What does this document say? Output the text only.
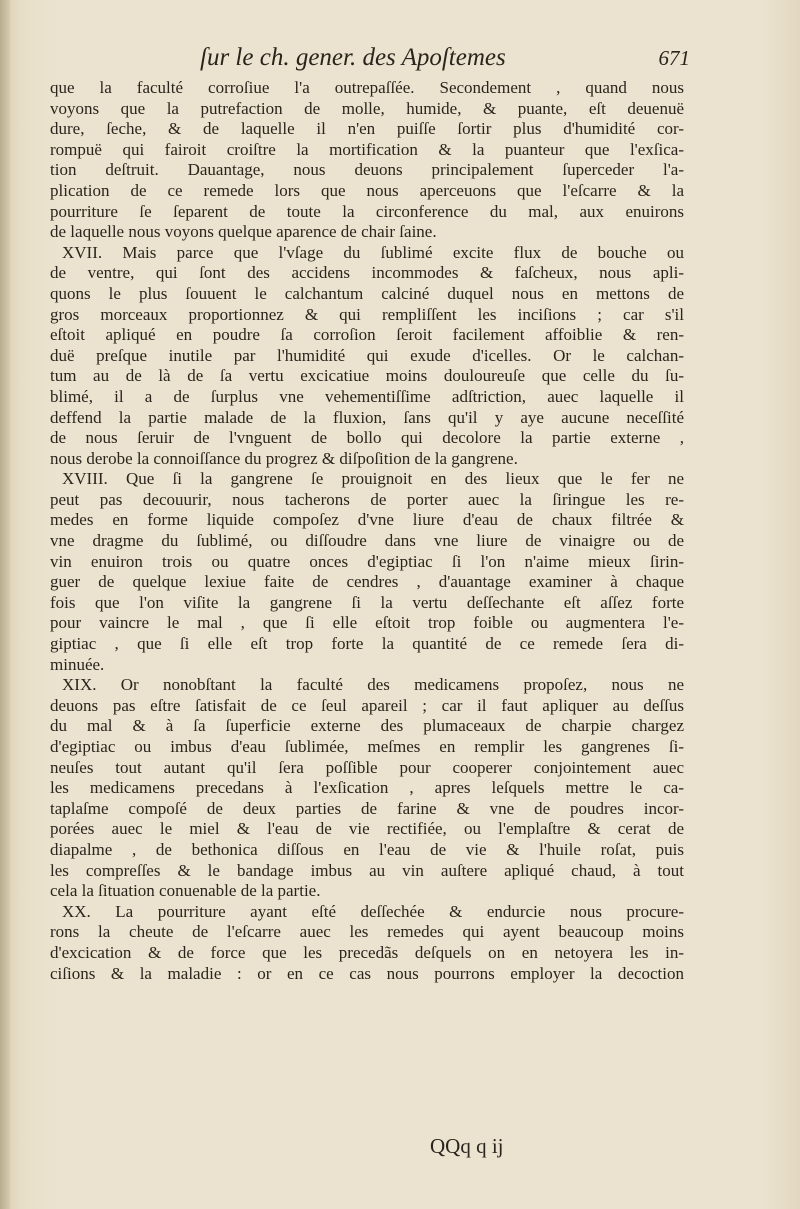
ſur le ch. gener. des Apoſtemes	671
que la faculté corroſiue l'a outrepaſſée. Secondement , quand nous
voyons que la putrefaction de molle, humide, & puante, eſt deuenuë
dure, ſeche, & de laquelle il n'en puiſſe ſortir plus d'humidité cor-
rompuë qui fairoit croiſtre la mortification & la puanteur que l'exſica-
tion deſtruit. Dauantage, nous deuons principalement ſuperceder l'a-
plication de ce remede lors que nous aperceuons que l'eſcarre & la
pourriture ſe ſeparent de toute la circonference du mal, aux enuirons
de laquelle nous voyons quelque aparence de chair ſaine.
XVII. Mais parce que l'vſage du ſublimé excite flux de bouche ou
de ventre, qui ſont des accidens incommodes & faſcheux, nous apli-
quons le plus ſouuent le calchantum calciné duquel nous en mettons de
gros morceaux proportionnez & qui rempliſſent les inciſions ; car s'il
eſtoit apliqué en poudre ſa corroſion ſeroit facilement affoiblie & ren-
duë preſque inutile par l'humidité qui exude d'icelles. Or le calchan-
tum au de là de ſa vertu excicatiue moins douloureuſe que celle du ſu-
blimé, il a de ſurplus vne vehementiſſime adſtriction, auec laquelle il
deffend la partie malade de la fluxion, ſans qu'il y aye aucune neceſſité
de nous ſeruir de l'vnguent de bollo qui decolore la partie externe ,
nous derobe la connoiſſance du progrez & diſpoſition de la gangrene.
XVIII. Que ſi la gangrene ſe prouignoit en des lieux que le fer ne
peut pas decouurir, nous tacherons de porter auec la ſiringue les re-
medes en forme liquide compoſez d'vne liure d'eau de chaux filtrée &
vne dragme du ſublimé, ou diſſoudre dans vne liure de vinaigre ou de
vin enuiron trois ou quatre onces d'egiptiac ſi l'on n'aime mieux ſirin-
guer de quelque lexiue faite de cendres , d'auantage examiner à chaque
fois que l'on viſite la gangrene ſi la vertu deſſechante eſt aſſez forte
pour vaincre le mal , que ſi elle eſtoit trop foible ou augmentera l'e-
giptiac , que ſi elle eſt trop forte la quantité de ce remede ſera di-
minuée.
XIX. Or nonobſtant la faculté des medicamens propoſez, nous ne
deuons pas eſtre ſatisfait de ce ſeul apareil ; car il faut apliquer au deſſus
du mal & à ſa ſuperficie externe des plumaceaux de charpie chargez
d'egiptiac ou imbus d'eau ſublimée, meſmes en remplir les gangrenes ſi-
neuſes tout autant qu'il ſera poſſible pour cooperer conjointement auec
les medicamens precedans à l'exſication , apres leſquels mettre le ca-
taplaſme compoſé de deux parties de farine & vne de poudres incor-
porées auec le miel & l'eau de vie rectifiée, ou l'emplaſtre & cerat de
diapalme , de bethonica diſſous en l'eau de vie & l'huile roſat, puis
les compreſſes & le bandage imbus au vin auſtere apliqué chaud, à tout
cela la ſituation conuenable de la partie.
XX. La pourriture ayant eſté deſſechée & endurcie nous procure-
rons la cheute de l'eſcarre auec les remedes qui ayent beaucoup moins
d'excication & de force que les precedãs deſquels on en netoyera les in-
ciſions & la maladie : or en ce cas nous pourrons employer la decoction
QQq q ij
